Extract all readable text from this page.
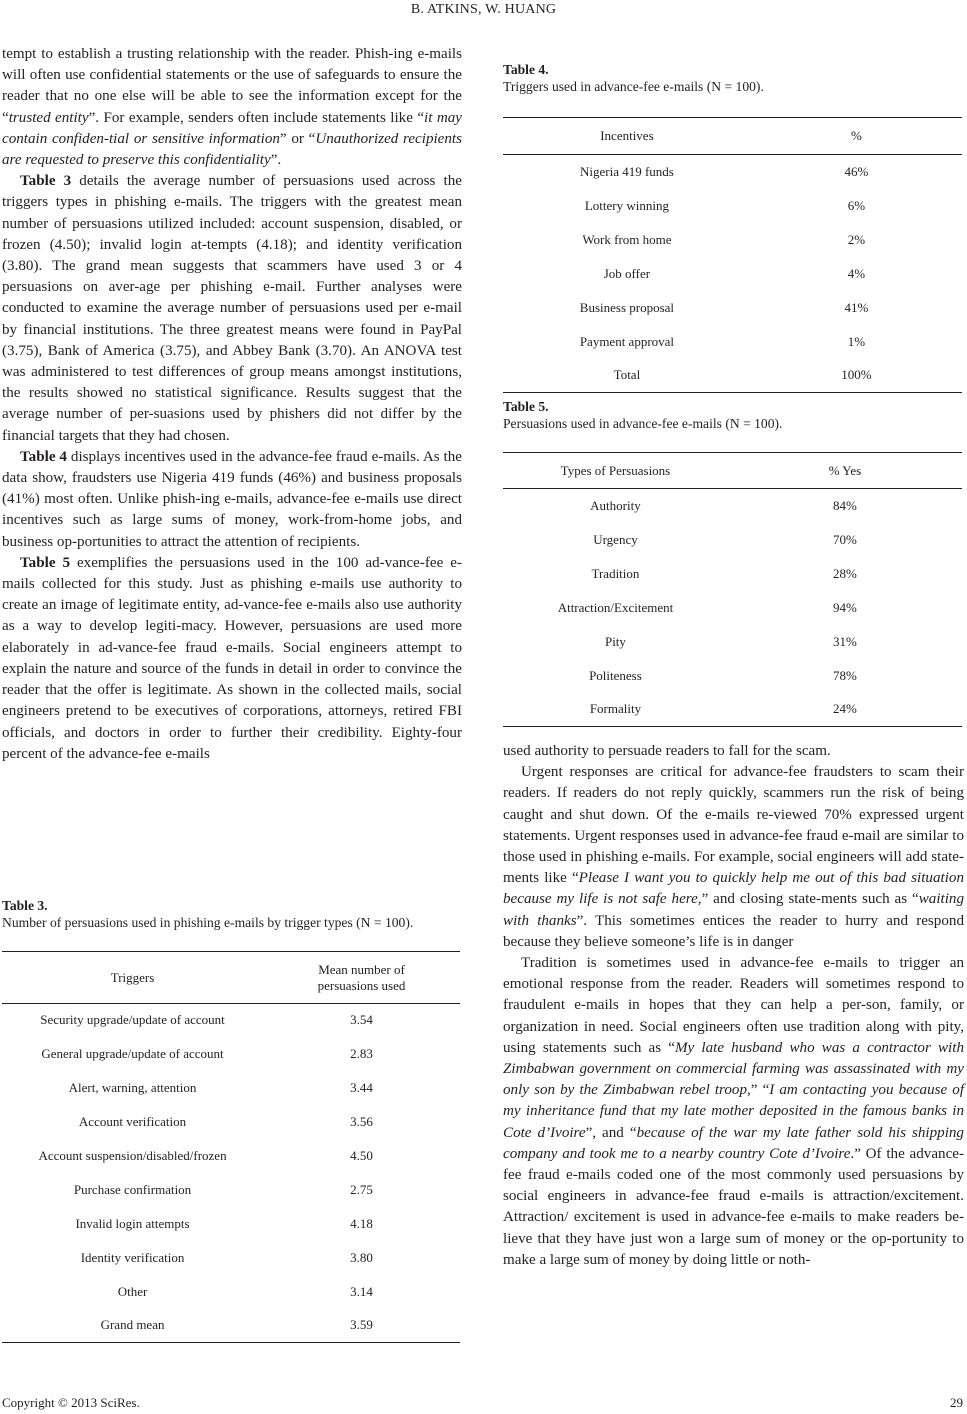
B. ATKINS, W. HUANG

tempt to establish a trusting relationship with the reader. Phish-ing e-mails will often use confidential statements or the use of safeguards to ensure the reader that no one else will be able to see the information except for the “trusted entity”. For example, senders often include statements like “it may contain confiden-tial or sensitive information” or “Unauthorized recipients are requested to preserve this confidentiality”.

Table 3 details the average number of persuasions used across the triggers types in phishing e-mails. The triggers with the greatest mean number of persuasions utilized included: account suspension, disabled, or frozen (4.50); invalid login at-tempts (4.18); and identity verification (3.80). The grand mean suggests that scammers have used 3 or 4 persuasions on aver-age per phishing e-mail. Further analyses were conducted to examine the average number of persuasions used per e-mail by financial institutions. The three greatest means were found in PayPal (3.75), Bank of America (3.75), and Abbey Bank (3.70). An ANOVA test was administered to test differences of group means amongst institutions, the results showed no statistical significance. Results suggest that the average number of per-suasions used by phishers did not differ by the financial targets that they had chosen.

Table 4 displays incentives used in the advance-fee fraud e-mails. As the data show, fraudsters use Nigeria 419 funds (46%) and business proposals (41%) most often. Unlike phish-ing e-mails, advance-fee e-mails use direct incentives such as large sums of money, work-from-home jobs, and business op-portunities to attract the attention of recipients.

Table 5 exemplifies the persuasions used in the 100 ad-vance-fee e-mails collected for this study. Just as phishing e-mails use authority to create an image of legitimate entity, ad-vance-fee e-mails also use authority as a way to develop legiti-macy. However, persuasions are used more elaborately in ad-vance-fee fraud e-mails. Social engineers attempt to explain the nature and source of the funds in detail in order to convince the reader that the offer is legitimate. As shown in the collected mails, social engineers pretend to be executives of corporations, attorneys, retired FBI officials, and doctors in order to further their credibility. Eighty-four percent of the advance-fee e-mails

Table 3.
Number of persuasions used in phishing e-mails by trigger types (N = 100).
Triggers	Mean number of persuasions used

Security upgrade/update of account	3.54
General upgrade/update of account	2.83
Alert, warning, attention	3.44
Account verification	3.56
Account suspension/disabled/frozen	4.50
Purchase confirmation	2.75
Invalid login attempts	4.18
Identity verification	3.80
Other	3.14
Grand mean	3.59
Table 4.
Triggers used in advance-fee e-mails (N = 100).
Incentives	%
Nigeria 419 funds	46%
Lottery winning	6%
Work from home	2%
Job offer	4%
Business proposal	41%
Payment approval	1%
Total	100%
Table 5.
Persuasions used in advance-fee e-mails (N = 100).
Types of Persuasions	% Yes
Authority	84%
Urgency	70%
Tradition	28%
Attraction/Excitement	94%
Pity	31%
Politeness	78%
Formality	24%

used authority to persuade readers to fall for the scam.

Urgent responses are critical for advance-fee fraudsters to scam their readers. If readers do not reply quickly, scammers run the risk of being caught and shut down. Of the e-mails re-viewed 70% expressed urgent statements. Urgent responses used in advance-fee fraud e-mail are similar to those used in phishing e-mails. For example, social engineers will add state-ments like “Please I want you to quickly help me out of this bad situation because my life is not safe here,” and closing state-ments such as “waiting with thanks”. This sometimes entices the reader to hurry and respond because they believe someone’s life is in danger

Tradition is sometimes used in advance-fee e-mails to trigger an emotional response from the reader. Readers will sometimes respond to fraudulent e-mails in hopes that they can help a per-son, family, or organization in need. Social engineers often use tradition along with pity, using statements such as “My late husband who was a contractor with Zimbabwan government on commercial farming was assassinated with my only son by the Zimbabwan rebel troop,” “I am contacting you because of my inheritance fund that my late mother deposited in the famous banks in Cote d’Ivoire”, and “because of the war my late father sold his shipping company and took me to a nearby country Cote d’Ivoire.” Of the advance-fee fraud e-mails coded one of the most commonly used persuasions by social engineers in advance-fee fraud e-mails is attraction/excitement. Attraction/ excitement is used in advance-fee e-mails to make readers be-lieve that they have just won a large sum of money or the op-portunity to make a large sum of money by doing little or noth-

Copyright © 2013 SciRes.	29
